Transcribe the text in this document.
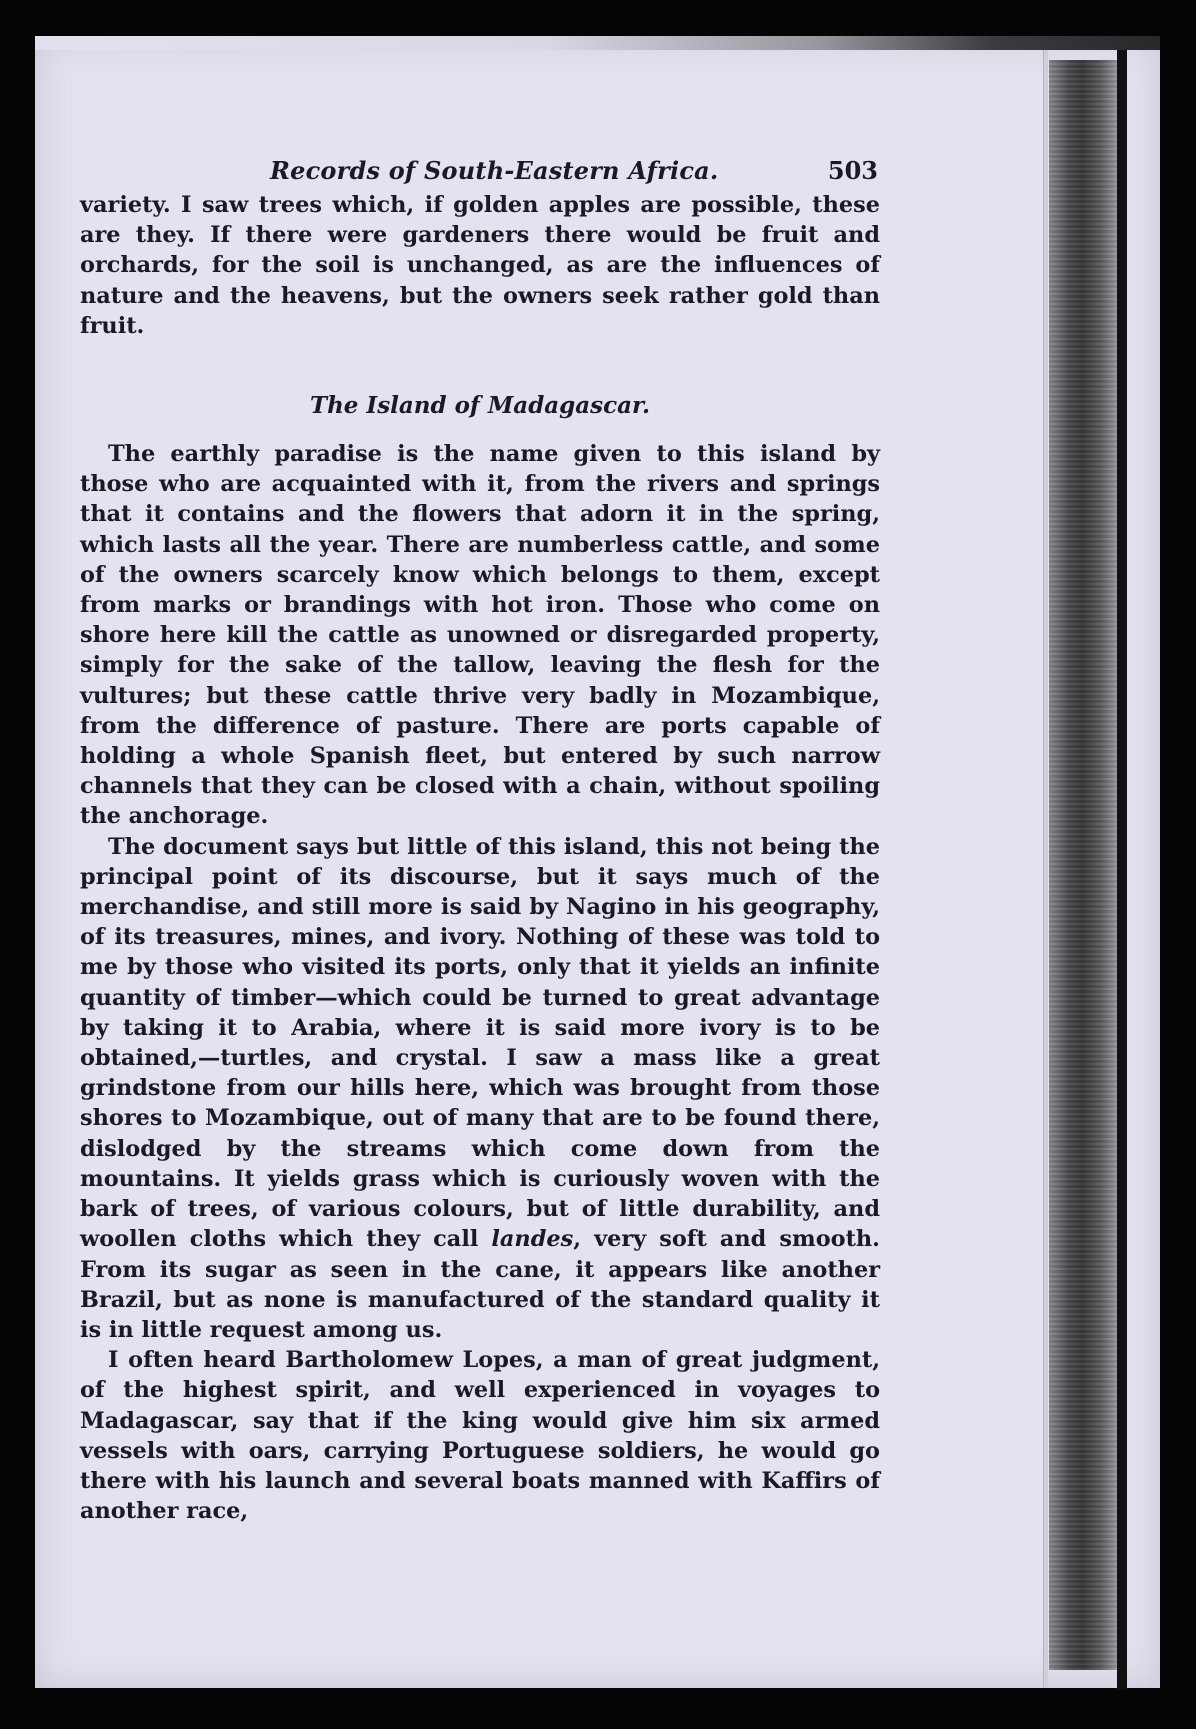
Records of South-Eastern Africa.	503

variety. I saw trees which, if golden apples are possible, these are they. If there were gardeners there would be fruit and orchards, for the soil is unchanged, as are the influences of nature and the heavens, but the owners seek rather gold than fruit.

The Island of Madagascar.

The earthly paradise is the name given to this island by those who are acquainted with it, from the rivers and springs that it contains and the flowers that adorn it in the spring, which lasts all the year. There are numberless cattle, and some of the owners scarcely know which belongs to them, except from marks or brandings with hot iron. Those who come on shore here kill the cattle as unowned or disregarded property, simply for the sake of the tallow, leaving the flesh for the vultures; but these cattle thrive very badly in Mozambique, from the difference of pasture. There are ports capable of holding a whole Spanish fleet, but entered by such narrow channels that they can be closed with a chain, without spoiling the anchorage.

The document says but little of this island, this not being the principal point of its discourse, but it says much of the merchandise, and still more is said by Nagino in his geography, of its treasures, mines, and ivory. Nothing of these was told to me by those who visited its ports, only that it yields an infinite quantity of timber—which could be turned to great advantage by taking it to Arabia, where it is said more ivory is to be obtained,—turtles, and crystal. I saw a mass like a great grindstone from our hills here, which was brought from those shores to Mozambique, out of many that are to be found there, dislodged by the streams which come down from the mountains. It yields grass which is curiously woven with the bark of trees, of various colours, but of little durability, and woollen cloths which they call landes, very soft and smooth. From its sugar as seen in the cane, it appears like another Brazil, but as none is manufactured of the standard quality it is in little request among us.

I often heard Bartholomew Lopes, a man of great judgment, of the highest spirit, and well experienced in voyages to Madagascar, say that if the king would give him six armed vessels with oars, carrying Portuguese soldiers, he would go there with his launch and several boats manned with Kaffirs of another race,
